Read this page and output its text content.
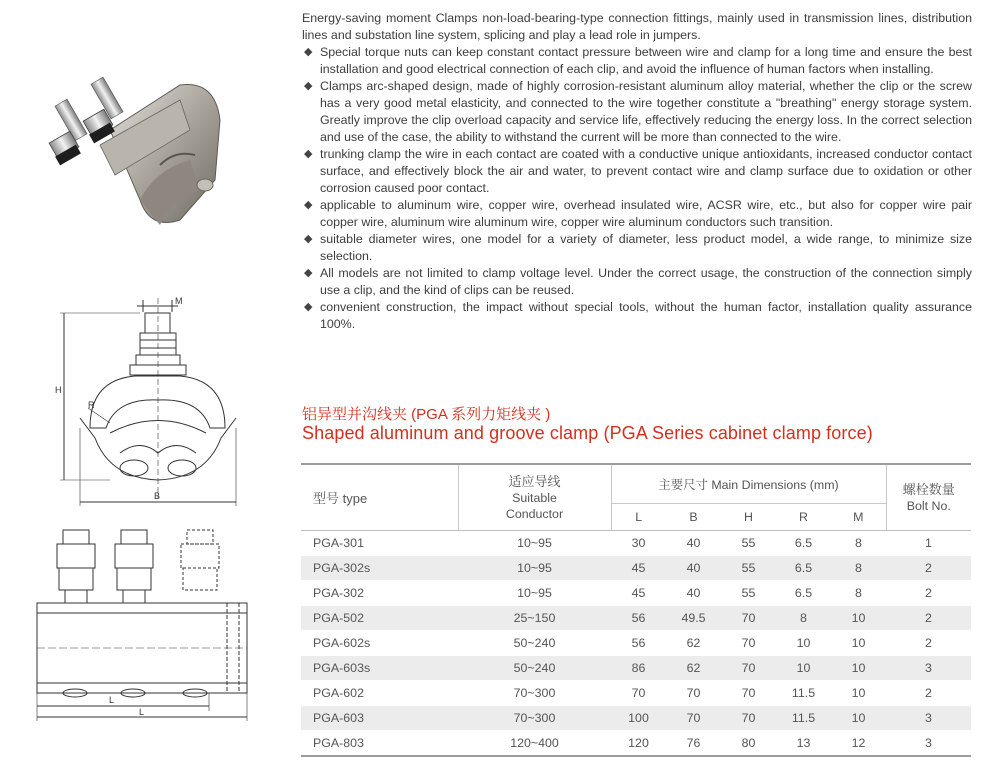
M
H
R
B
L
L

Energy-saving moment Clamps non-load-bearing-type connection fittings, mainly used in transmission lines, distribution lines and substation line system, splicing and play a lead role in jumpers.

◆ Special torque nuts can keep constant contact pressure between wire and clamp for a long time and ensure the best installation and good electrical connection of each clip, and avoid the influence of human factors when installing.
◆ Clamps arc-shaped design, made of highly corrosion-resistant aluminum alloy material, whether the clip or the screw has a very good metal elasticity, and connected to the wire together constitute a "breathing" energy storage system. Greatly improve the clip overload capacity and service life, effectively reducing the energy loss. In the correct selection and use of the case, the ability to withstand the current will be more than connected to the wire.
◆ trunking clamp the wire in each contact are coated with a conductive unique antioxidants, increased conductor contact surface, and effectively block the air and water, to prevent contact wire and clamp surface due to oxidation or other corrosion caused poor contact.
◆ applicable to aluminum wire, copper wire, overhead insulated wire, ACSR wire, etc., but also for copper wire pair copper wire, aluminum wire aluminum wire, copper wire aluminum conductors such transition.
◆ suitable diameter wires, one model for a variety of diameter, less product model, a wide range, to minimize size selection.
◆ All models are not limited to clamp voltage level. Under the correct usage, the construction of the connection simply use a clip, and the kind of clips can be reused.
◆ convenient construction, the impact without special tools, without the human factor, installation quality assurance 100%.
铝异型并沟线夹 (PGA 系列力矩线夹 )
Shaped aluminum and groove clamp (PGA Series cabinet clamp force)
型号 type	适应导线
Suitable
Conductor	主要尺寸 Main Dimensions (mm)					螺栓数量
Bolt No.
		L	B	H	R	M	
PGA-301	10~95	30	40	55	6.5	8	1
PGA-302s	10~95	45	40	55	6.5	8	2
PGA-302	10~95	45	40	55	6.5	8	2
PGA-502	25~150	56	49.5	70	8	10	2
PGA-602s	50~240	56	62	70	10	10	2
PGA-603s	50~240	86	62	70	10	10	3
PGA-602	70~300	70	70	70	11.5	10	2
PGA-603	70~300	100	70	70	11.5	10	3
PGA-803	120~400	120	76	80	13	12	3
